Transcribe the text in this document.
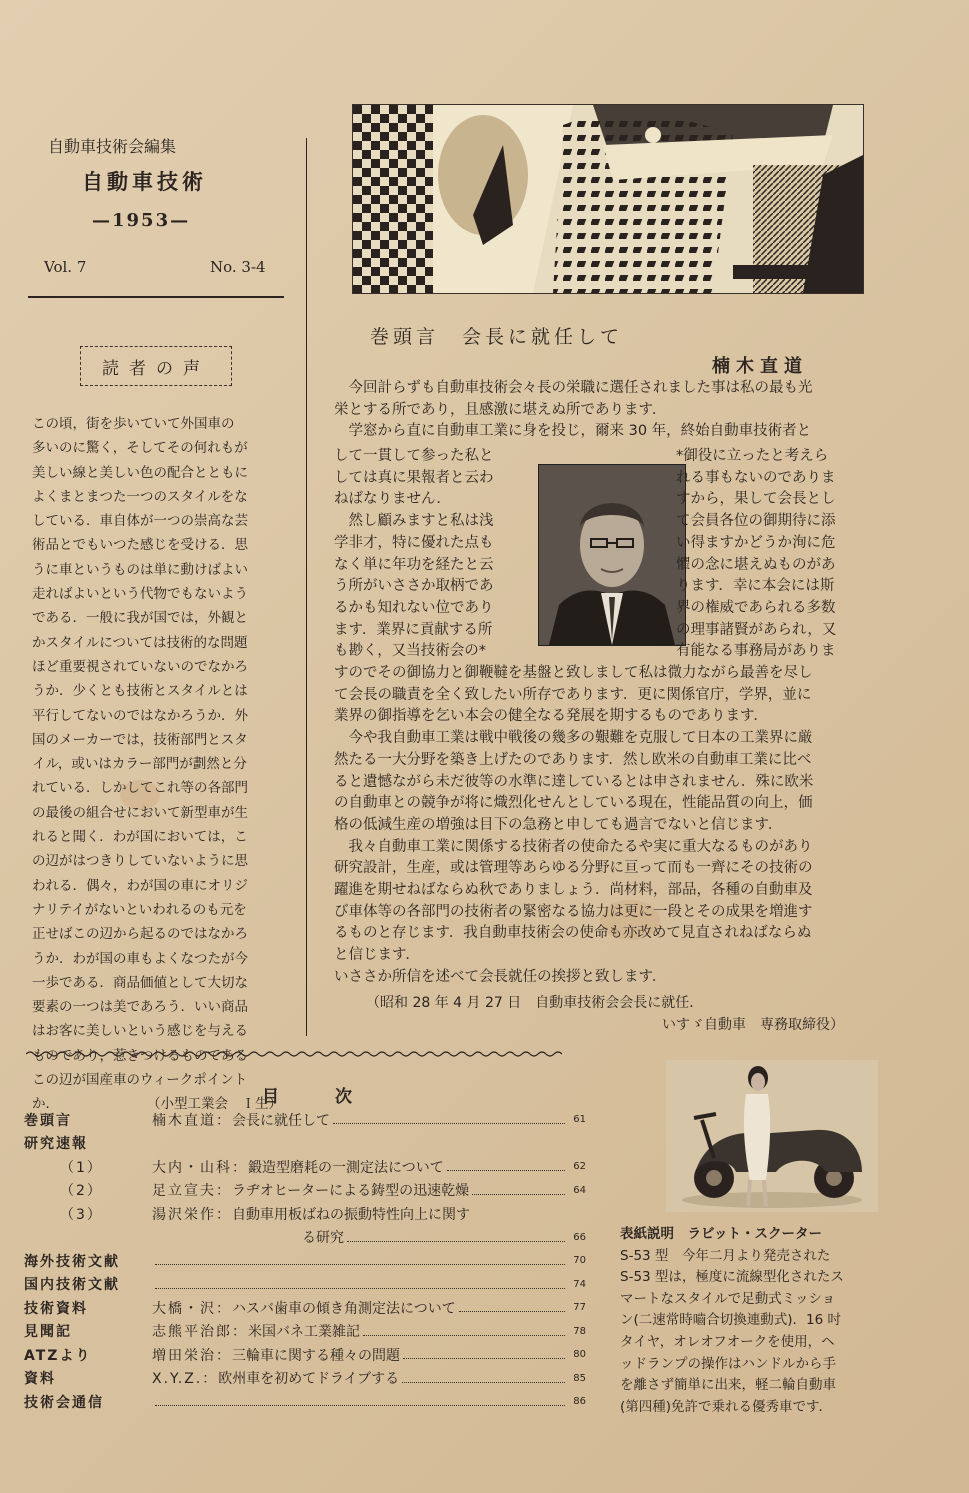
自動車技術会編集

自動車技術

—1953—

Vol. 7	No. 3-4

読者の声

この頃，街を歩いていて外国車の

多いのに驚く，そしてその何れもが

美しい線と美しい色の配合とともに

よくまとまつた一つのスタイルをな

している．車自体が一つの崇高な芸

術品とでもいつた感じを受ける．思

うに車というものは単に動けばよい

走ればよいという代物でもないよう

である．一般に我が国では，外観と

かスタイルについては技術的な問題

ほど重要視されていないのでなかろ

うか．少くとも技術とスタイルとは

平行してないのではなかろうか．外

国のメーカーでは，技術部門とスタ

イル，或いはカラー部門が劃然と分

れている．しかしてこれ等の各部門

の最後の組合せにおいて新型車が生

れると聞く．わが国においては，こ

の辺がはつきりしていないように思

われる．偶々，わが国の車にオリジ

ナリテイがないといわれるのも元を

正せばこの辺から起るのではなかろ

うか．わが国の車もよくなつたが今

一歩である．商品価値として大切な

要素の一つは美であろう．いい商品

はお客に美しいという感じを与える

ものであり，惹きつけるものである

この辺が国産車のウィークポイント

か．	（小型工業会　Ｉ生）

巻頭言　会長に就任して

楠木直道

　今回計らずも自動車技術会々長の栄職に選任されました事は私の最も光

栄とする所であり，且感激に堪えぬ所であります．

　学窓から直に自動車工業に身を投じ，爾来 30 年，終始自動車技術者と

して一貫して参った私と

しては真に果報者と云わ

ねばなりません．

　然し顧みますと私は浅

学非才，特に優れた点も

なく単に年功を経たと云

う所がいささか取柄であ

るかも知れない位であり

ます．業界に貢献する所

も尠く，又当技術会の*

*御役に立ったと考えら

れる事もないのでありま

すから，果して会長とし

て会員各位の御期待に添

い得ますかどうか洵に危

懼の念に堪えぬものがあ

ります．幸に本会には斯

界の権威であられる多数

の理事諸賢があられ，又

有能なる事務局がありま

すのでその御協力と御鞭韃を基盤と致しまして私は微力ながら最善を尽し

て会長の職責を全く致したい所存であります．更に関係官庁，学界，並に

業界の御指導を乞い本会の健全なる発展を期するものであります．

　今や我自動車工業は戦中戦後の幾多の艱難を克服して日本の工業界に厳

然たる一大分野を築き上げたのであります．然し欧米の自動車工業に比べ

ると遺憾ながら未だ彼等の水準に達しているとは申されません．殊に欧米

の自動車との競争が将に熾烈化せんとしている現在，性能品質の向上，価

格の低減生産の増強は目下の急務と申しても過言でないと信じます．

　我々自動車工業に関係する技術者の使命たるや実に重大なるものがあり

研究設計，生産，或は管理等あらゆる分野に亘って而も一齊にその技術の

躍進を期せねばならぬ秋でありましょう．尚材料，部品，各種の自動車及

び車体等の各部門の技術者の緊密なる協力は更に一段とその成果を増進す

るものと存じます．我自動車技術会の使命も亦改めて見直されねばならぬ

と信じます．

いささか所信を述べて会長就任の挨拶と致します．

（昭和 28 年 4 月 27 日　自動車技術会会長に就任．

いすゞ自動車　専務取締役）

目次

巻頭言	楠木直道： 会長に就任して	61
研究速報
（1）	大内・山科： 鍛造型磨耗の一測定法について	62
（2）	足立宣夫： ラヂオヒーターによる鋳型の迅速乾燥	64
（3）	湯沢栄作： 自動車用板ばねの振動特性向上に関す
る研究	66
海外技術文献	70
国内技術文献	74
技術資料	大橋・沢： ハスバ歯車の傾き角測定法について	77
見聞記	志熊平治郎： 米国バネ工業雑記	78
ATZより	増田栄治： 三輪車に関する種々の問題	80
資料	X.Y.Z.： 欧州車を初めてドライブする	85
技術会通信	86

表紙説明　ラビット・スクーター

S-53 型　今年二月より発売された

S-53 型は，極度に流線型化されたス

マートなスタイルで足動式ミッショ

ン(二速常時嚙合切換連動式)．16 吋

タイヤ，オレオフオークを使用，ヘ

ッドランプの操作はハンドルから手

を離さず簡単に出来，軽二輪自動車

(第四種)免許で乗れる優秀車です．
